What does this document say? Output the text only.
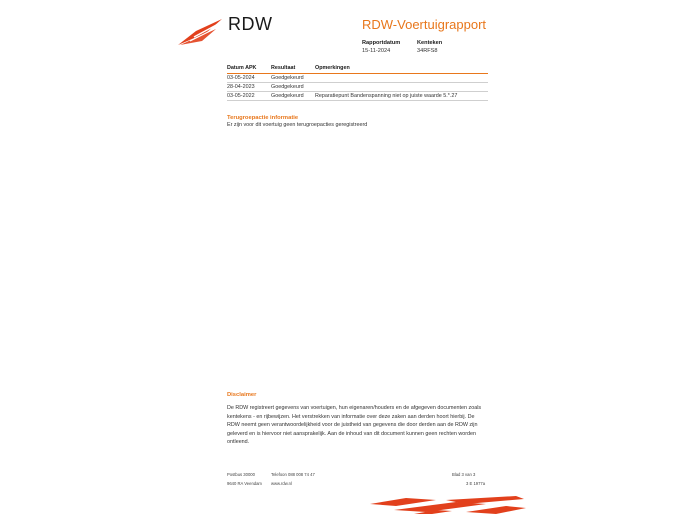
RDW	RDW-Voertuigrapport
Rapportdatum
15-11-2024
Kenteken
34RFS8
Datum APK	Resultaat	Opmerkingen
03-05-2024	Goedgekeurd	
28-04-2023	Goedgekeurd	
03-05-2022	Goedgekeurd	Reparatiepunt Bandenspanning niet op juiste waarde 5.*.27
Terugroepactie informatie
Er zijn voor dit voertuig geen terugroepacties geregistreerd
Disclaimer
De RDW registreert gegevens van voertuigen, hun eigenaren/houders en de afgegeven documenten zoals kentekens - en rijbewijzen. Het verstrekken van informatie over deze zaken aan derden hoort hierbij. De RDW neemt geen verantwoordelijkheid voor de juistheid van gegevens die door derden aan de RDW zijn geleverd en is hiervoor niet aansprakelijk. Aan de inhoud van dit document kunnen geen rechten worden ontleend.
Postbus 30000
9640 RA Veendam
Telefoon 088 008 74 47
www.rdw.nl
Blad 3 van 3
3 E 1977a
